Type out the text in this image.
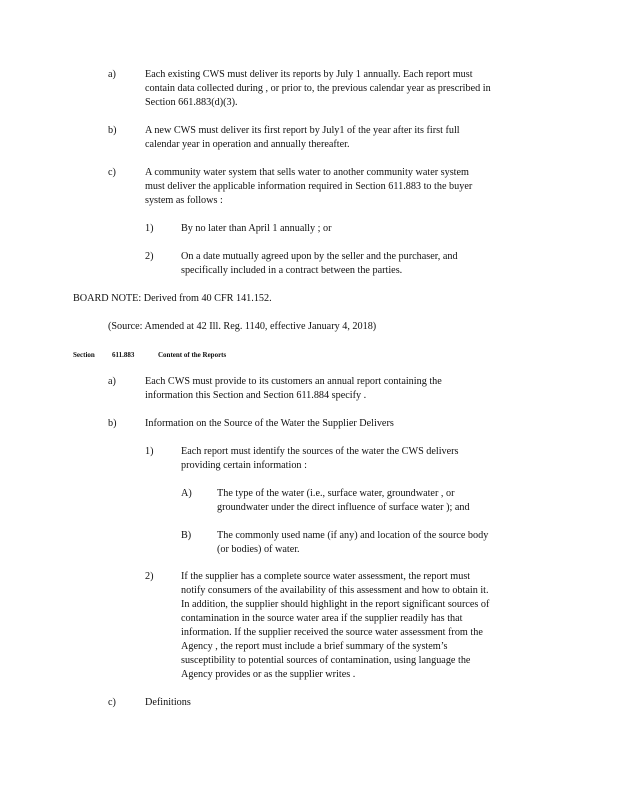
a)	Each existing CWS must deliver its reports by July 1 annually. Each report must
contain data collected during , or prior to, the previous calendar year as prescribed in
Section 661.883(d)(3).
b)	A new CWS must deliver its first report by July1 of the year after its first full
calendar year in operation and annually thereafter.
c)	A community water system that sells water to another community water system
must deliver the applicable information required in Section 611.883 to the buyer
system as follows :
1)	By no later than April 1 annually ; or
2)	On a date mutually agreed upon by the seller and the purchaser, and
specifically included in a contract between the parties.
BOARD NOTE: Derived from 40 CFR 141.152.
(Source: Amended at 42 Ill. Reg. 1140, effective January 4, 2018)
Section 611.883	Content of the Reports
a)	Each CWS must provide to its customers an annual report containing the
information this Section and Section 611.884 specify .
b)	Information on the Source of the Water the Supplier Delivers
1)	Each report must identify the sources of the water the CWS delivers
providing certain information :
A) The type of the water (i.e., surface water, groundwater , or
groundwater under the direct influence of surface water ); and
B)	The commonly used name (if any) and location of the source body
(or bodies) of water.
2)	If the supplier has a complete source water assessment, the report must
notify consumers of the availability of this assessment and how to obtain it.
In addition, the supplier should highlight in the report significant sources of
contamination in the source water area if the supplier readily has that
information. If the supplier received the source water assessment from the
Agency , the report must include a brief summary of the system’s
susceptibility to potential sources of contamination, using language the
Agency provides or as the supplier writes .
c)	Definitions
